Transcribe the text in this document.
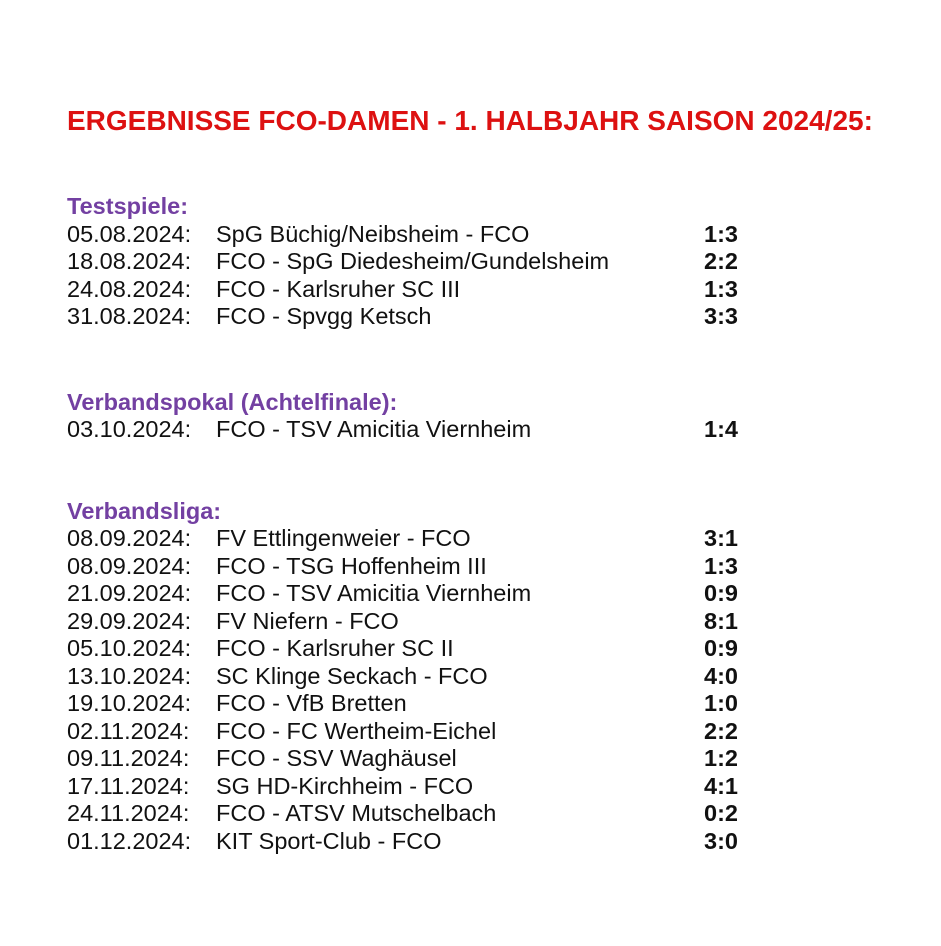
ERGEBNISSE FCO-DAMEN - 1. HALBJAHR SAISON 2024/25:
Testspiele:
05.08.2024:	SpG Büchig/Neibsheim - FCO	1:3
18.08.2024:	FCO - SpG Diedesheim/Gundelsheim	2:2
24.08.2024:	FCO - Karlsruher SC III	1:3
31.08.2024:	FCO - Spvgg Ketsch	3:3
Verbandspokal (Achtelfinale):
03.10.2024:	FCO - TSV Amicitia Viernheim	1:4
Verbandsliga:
08.09.2024:	FV Ettlingenweier - FCO	3:1
08.09.2024:	FCO - TSG Hoffenheim III	1:3
21.09.2024:	FCO - TSV Amicitia Viernheim	0:9
29.09.2024:	FV Niefern - FCO	8:1
05.10.2024:	FCO - Karlsruher SC II	0:9
13.10.2024:	SC Klinge Seckach - FCO	4:0
19.10.2024:	FCO - VfB Bretten	1:0
02.11.2024:	FCO - FC Wertheim-Eichel	2:2
09.11.2024:	FCO - SSV Waghäusel	1:2
17.11.2024:	SG HD-Kirchheim - FCO	4:1
24.11.2024:	FCO - ATSV Mutschelbach	0:2
01.12.2024:	KIT Sport-Club - FCO	3:0
